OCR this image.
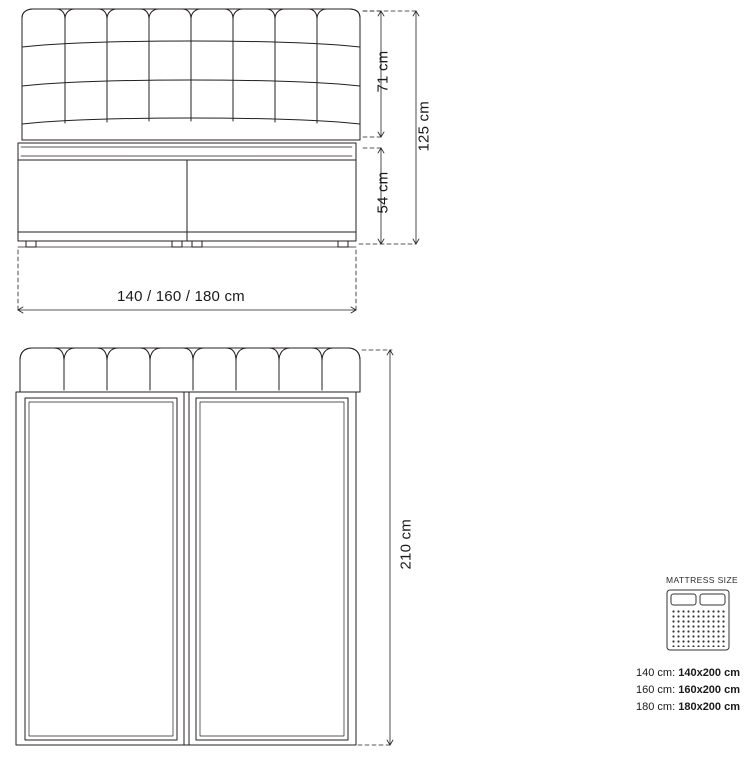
71 cm
54 cm
125 cm
140 / 160 / 180 cm
210 cm
MATTRESS SIZE
140 cm: 140x200 cm
160 cm: 160x200 cm
180 cm: 180x200 cm
